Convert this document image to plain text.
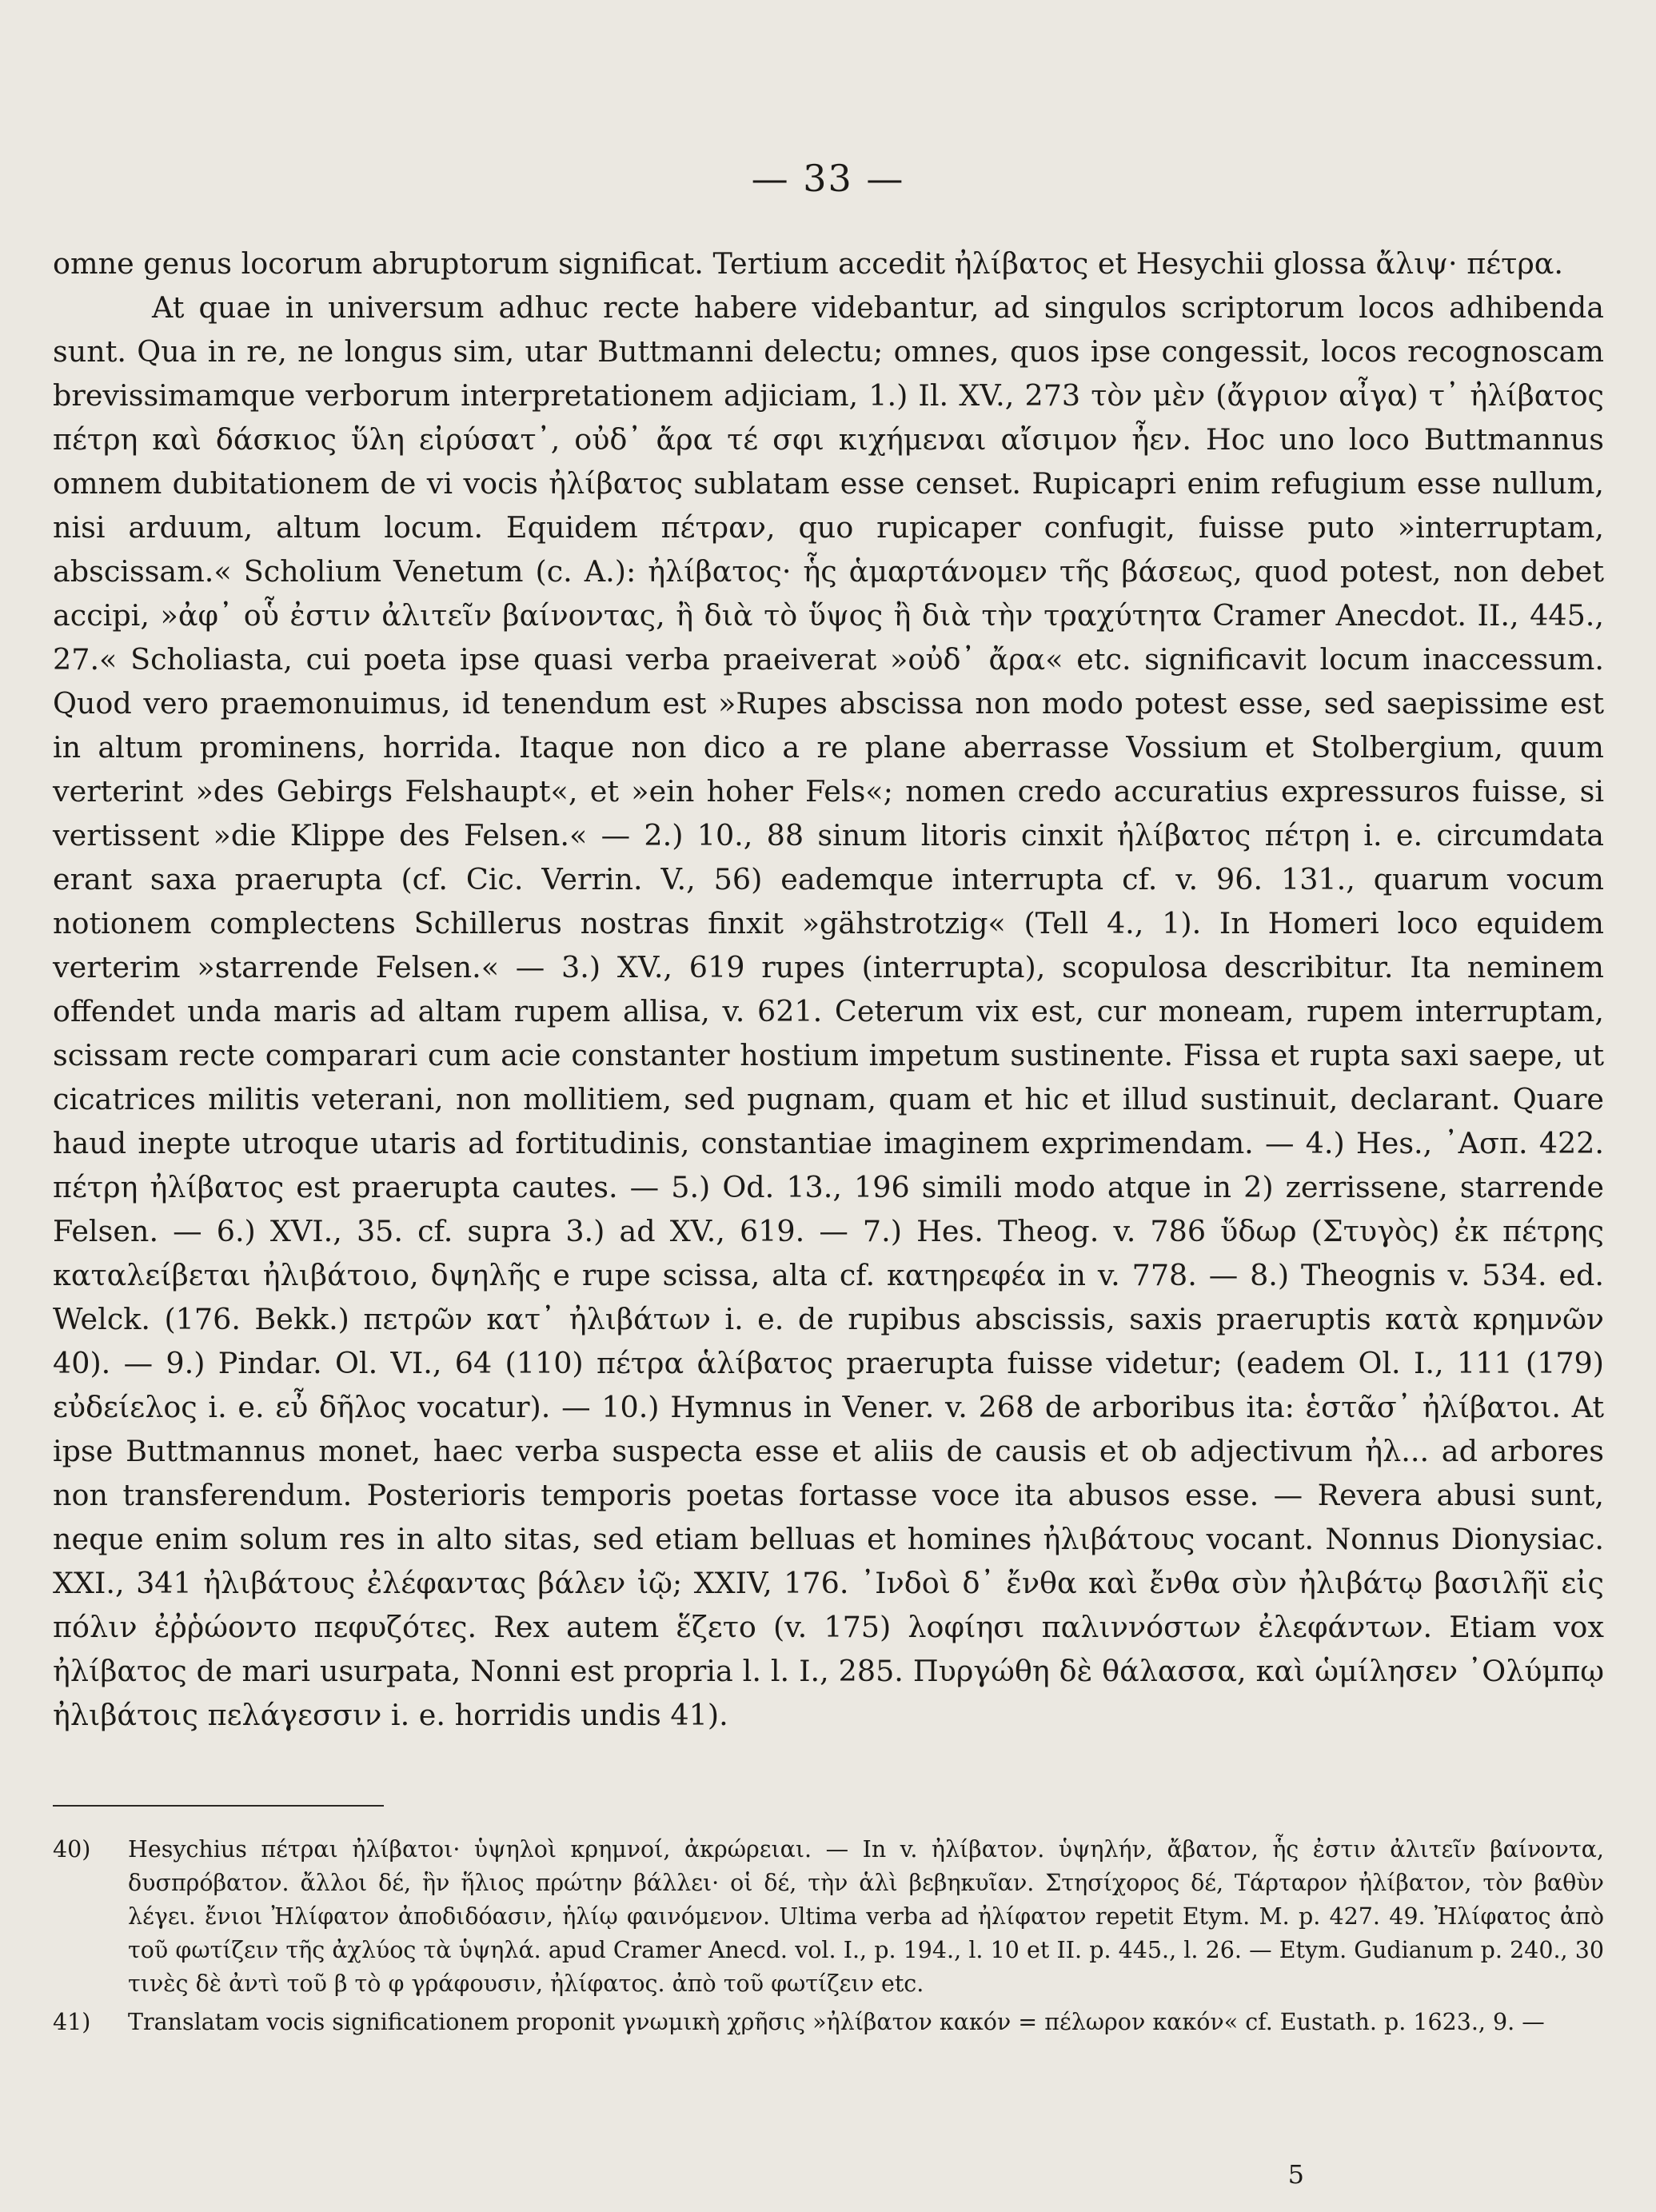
— 33 —

omne genus locorum abruptorum significat. Tertium accedit ἠλίβατος et Hesychii glossa ἄλιψ· πέτρα.

At quae in universum adhuc recte habere videbantur, ad singulos scriptorum locos adhibenda sunt. Qua in re, ne longus sim, utar Buttmanni delectu; omnes, quos ipse congessit, locos recognoscam brevissimamque verborum interpretationem adjiciam, 1.) Il. XV., 273 τὸν μὲν (ἄγριον αἶγα) τ᾽ ἠλίβατος πέτρη καὶ δάσκιος ὕλη εἰρύσατ᾽, οὐδ᾽ ἄρα τέ σφι κιχήμεναι αἴσιμον ἦεν. Hoc uno loco Buttmannus omnem dubitationem de vi vocis ἠλίβατος sublatam esse censet. Rupicapri enim refugium esse nullum, nisi arduum, altum locum. Equidem πέτραν, quo rupicaper confugit, fuisse puto »interruptam, abscissam.« Scholium Venetum (c. A.): ἠλίβατος· ἧς ἁμαρτάνομεν τῆς βάσεως, quod potest, non debet accipi, »ἀφ᾽ οὗ ἐστιν ἀλιτεῖν βαίνοντας, ἢ διὰ τὸ ὕψος ἢ διὰ τὴν τραχύτητα Cramer Anecdot. II., 445., 27.« Scholiasta, cui poeta ipse quasi verba praeiverat »οὐδ᾽ ἄρα« etc. significavit locum inaccessum. Quod vero praemonuimus, id tenendum est »Rupes abscissa non modo potest esse, sed saepissime est in altum prominens, horrida. Itaque non dico a re plane aberrasse Vossium et Stolbergium, quum verterint »des Gebirgs Felshaupt«, et »ein hoher Fels«; nomen credo accuratius expressuros fuisse, si vertissent »die Klippe des Felsen.« — 2.) 10., 88 sinum litoris cinxit ἠλίβατος πέτρη i. e. circumdata erant saxa praerupta (cf. Cic. Verrin. V., 56) eademque interrupta cf. v. 96. 131., quarum vocum notionem complectens Schillerus nostras finxit »gähstrotzig« (Tell 4., 1). In Homeri loco equidem verterim »starrende Felsen.« — 3.) XV., 619 rupes (interrupta), scopulosa describitur. Ita neminem offendet unda maris ad altam rupem allisa, v. 621. Ceterum vix est, cur moneam, rupem interruptam, scissam recte comparari cum acie constanter hostium impetum sustinente. Fissa et rupta saxi saepe, ut cicatrices militis veterani, non mollitiem, sed pugnam, quam et hic et illud sustinuit, declarant. Quare haud inepte utroque utaris ad fortitudinis, constantiae imaginem exprimendam. — 4.) Hes., ᾽Ασπ. 422. πέτρη ἠλίβατος est praerupta cautes. — 5.) Od. 13., 196 simili modo atque in 2) zerrissene, starrende Felsen. — 6.) XVI., 35. cf. supra 3.) ad XV., 619. — 7.) Hes. Theog. v. 786 ὕδωρ (Στυγὸς) ἐκ πέτρης καταλείβεται ἠλιβάτοιο, δψηλῆς e rupe scissa, alta cf. κατηρεφέα in v. 778. — 8.) Theognis v. 534. ed. Welck. (176. Bekk.) πετρῶν κατ᾽ ἠλιβάτων i. e. de rupibus abscissis, saxis praeruptis κατὰ κρημνῶν 40). — 9.) Pindar. Ol. VI., 64 (110) πέτρα ἁλίβατος praerupta fuisse videtur; (eadem Ol. I., 111 (179) εὐδείελος i. e. εὖ δῆλος vocatur). — 10.) Hymnus in Vener. v. 268 de arboribus ita: ἑστᾶσ᾽ ἠλίβατοι. At ipse Buttmannus monet, haec verba suspecta esse et aliis de causis et ob adjectivum ἠλ... ad arbores non transferendum. Posterioris temporis poetas fortasse voce ita abusos esse. — Revera abusi sunt, neque enim solum res in alto sitas, sed etiam belluas et homines ἠλιβάτους vocant. Nonnus Dionysiac. XXI., 341 ἠλιβάτους ἐλέφαντας βάλεν ἰῷ; XXIV, 176. ᾽Ινδοὶ δ᾽ ἔνθα καὶ ἔνθα σὺν ἠλιβάτῳ βασιλῆϊ εἰς πόλιν ἐῤῥώοντο πεφυζότες. Rex autem ἕζετο (v. 175) λοφίησι παλιννόστων ἐλεφάντων. Etiam vox ἠλίβατος de mari usurpata, Nonni est propria l. l. I., 285. Πυργώθη δὲ θάλασσα, καὶ ὡμίλησεν ᾽Ολύμπῳ ἠλιβάτοις πελάγεσσιν i. e. horridis undis 41).

40)	Hesychius πέτραι ἠλίβατοι· ὑψηλοὶ κρημνοί, ἀκρώρειαι. — In v. ἠλίβατον. ὑψηλήν, ἄβατον, ἧς ἐστιν ἀλιτεῖν βαίνοντα, δυσπρόβατον. ἄλλοι δέ, ἣν ἥλιος πρώτην βάλλει· οἱ δέ, τὴν ἁλὶ βεβηκυῖαν. Στησίχορος δέ, Τάρταρον ἠλίβατον, τὸν βαθὺν λέγει. ἔνιοι Ἠλίφατον ἀποδιδόασιν, ἡλίῳ φαινόμενον. Ultima verba ad ἠλίφατον repetit Etym. M. p. 427. 49. Ἠλίφατος ἀπὸ τοῦ φωτίζειν τῆς ἀχλύος τὰ ὑψηλά. apud Cramer Anecd. vol. I., p. 194., l. 10 et II. p. 445., l. 26. — Etym. Gudianum p. 240., 30 τινὲς δὲ ἀντὶ τοῦ β τὸ φ γράφουσιν, ἠλίφατος. ἀπὸ τοῦ φωτίζειν etc.
41)	Translatam vocis significationem proponit γνωμικὴ χρῆσις »ἠλίβατον κακόν = πέλωρον κακόν« cf. Eustath. p. 1623., 9. —
5
